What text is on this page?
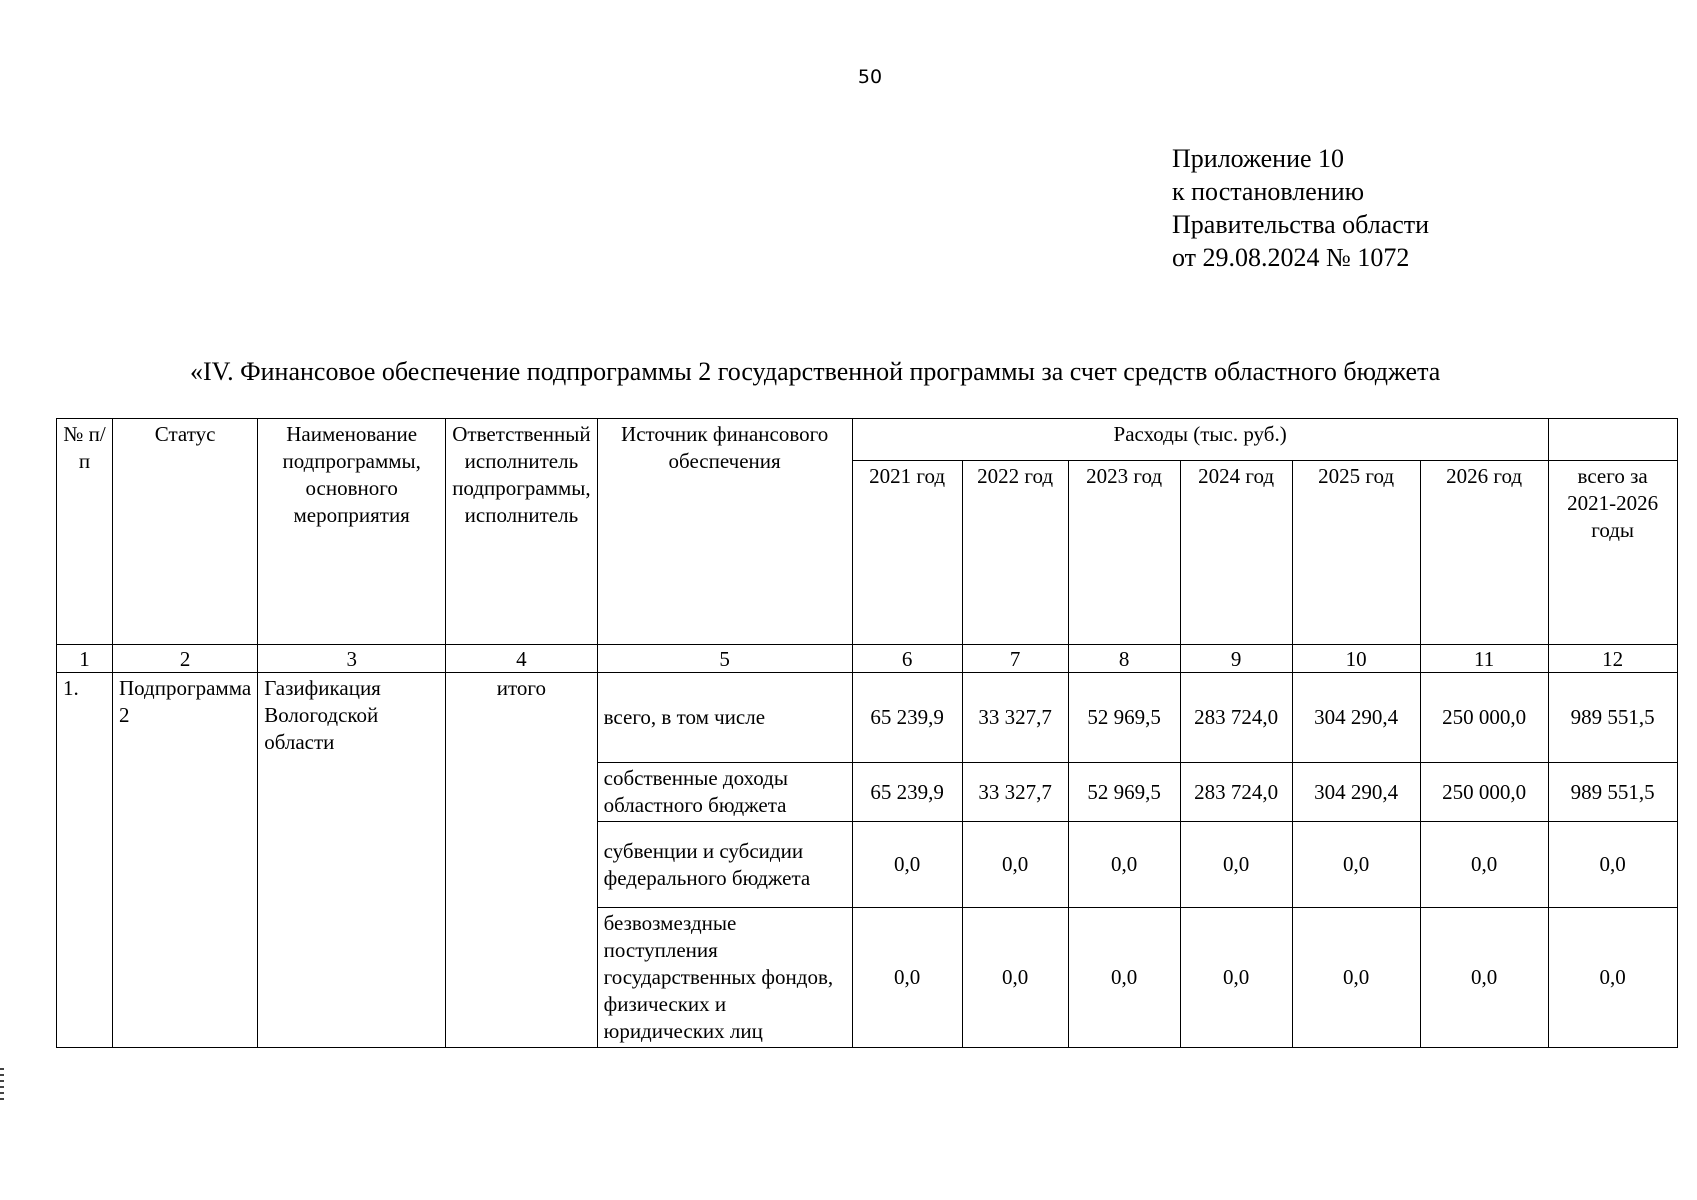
50
Приложение 10
к постановлению
Правительства области
от 29.08.2024 № 1072
«IV. Финансовое обеспечение подпрограммы 2 государственной программы за счет средств областного бюджета
№ п/п	Статус	Наименование подпрограммы, основного мероприятия	Ответственный исполнитель подпрограммы, исполнитель	Источник финансового обеспечения	Расходы (тыс. руб.)						
					2021 год	2022 год	2023 год	2024 год	2025 год	2026 год	всего за 2021-2026 годы
1	2	3	4	5	6	7	8	9	10	11	12
1.	Подпрограмма 2	Газификация Вологодской области	итого	всего, в том числе	65 239,9	33 327,7	52 969,5	283 724,0	304 290,4	250 000,0	989 551,5
				собственные доходы областного бюджета	65 239,9	33 327,7	52 969,5	283 724,0	304 290,4	250 000,0	989 551,5
				субвенции и субсидии федерального бюджета	0,0	0,0	0,0	0,0	0,0	0,0	0,0
				безвозмездные поступления государственных фондов, физических и юридических лиц	0,0	0,0	0,0	0,0	0,0	0,0	0,0
